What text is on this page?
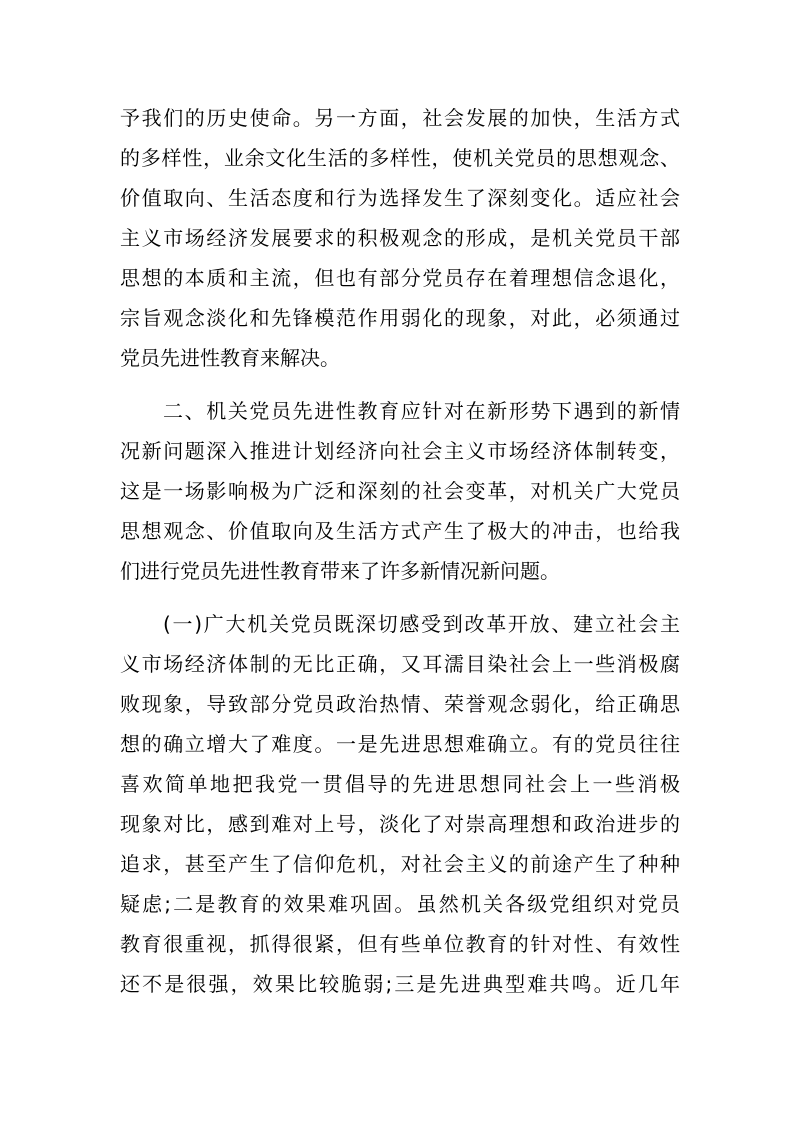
予我们的历史使命。另一方面，社会发展的加快，生活方式
的多样性，业余文化生活的多样性，使机关党员的思想观念、
价值取向、生活态度和行为选择发生了深刻变化。适应社会
主义市场经济发展要求的积极观念的形成，是机关党员干部
思想的本质和主流，但也有部分党员存在着理想信念退化，
宗旨观念淡化和先锋模范作用弱化的现象，对此，必须通过
党员先进性教育来解决。
二、机关党员先进性教育应针对在新形势下遇到的新情
况新问题深入推进计划经济向社会主义市场经济体制转变，
这是一场影响极为广泛和深刻的社会变革，对机关广大党员
思想观念、价值取向及生活方式产生了极大的冲击，也给我
们进行党员先进性教育带来了许多新情况新问题。
(一)广大机关党员既深切感受到改革开放、建立社会主
义市场经济体制的无比正确，又耳濡目染社会上一些消极腐
败现象，导致部分党员政治热情、荣誉观念弱化，给正确思
想的确立增大了难度。一是先进思想难确立。有的党员往往
喜欢简单地把我党一贯倡导的先进思想同社会上一些消极
现象对比，感到难对上号，淡化了对崇高理想和政治进步的
追求，甚至产生了信仰危机，对社会主义的前途产生了种种
疑虑;二是教育的效果难巩固。虽然机关各级党组织对党员
教育很重视，抓得很紧，但有些单位教育的针对性、有效性
还不是很强，效果比较脆弱;三是先进典型难共鸣。近几年
